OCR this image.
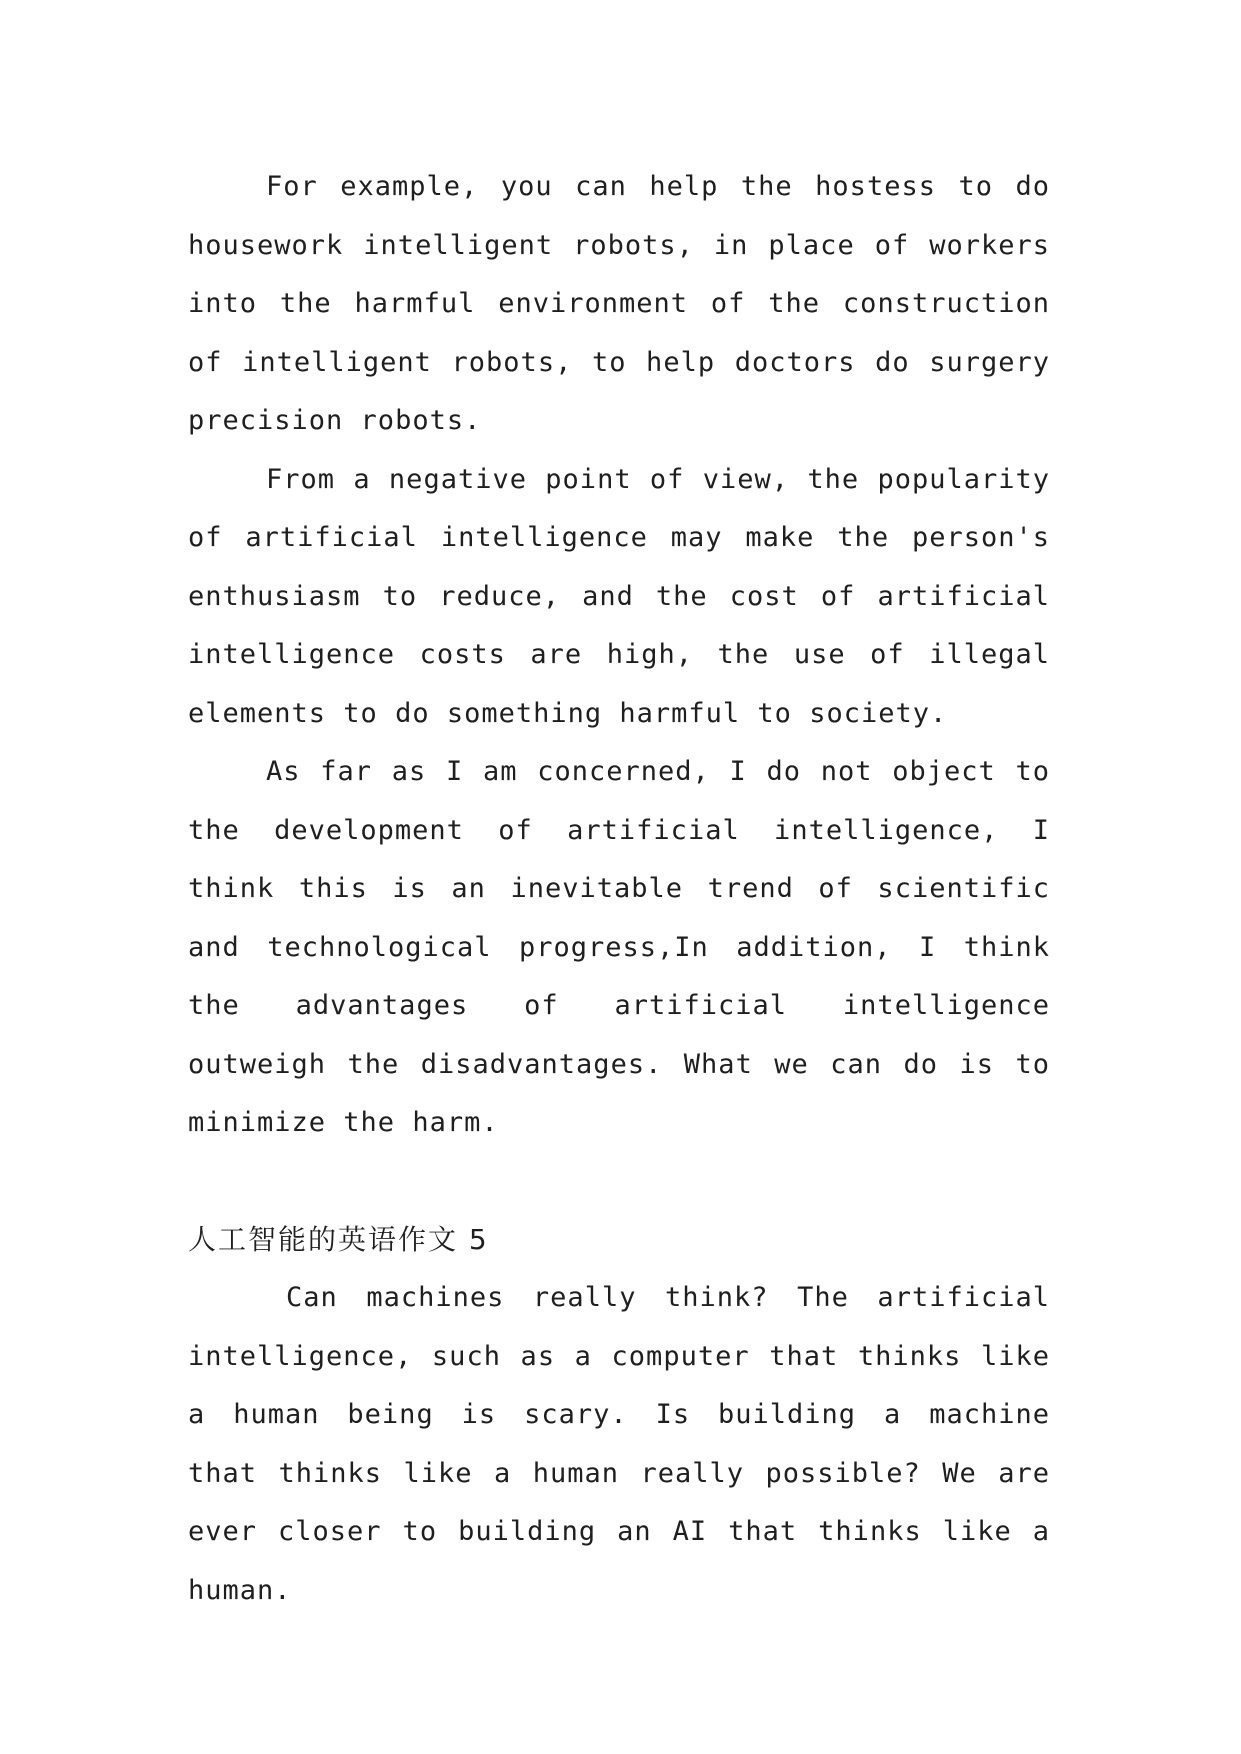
For example, you can help the hostess to do housework intelligent robots, in place of workers into the harmful environment of the construction of intelligent robots, to help doctors do surgery precision robots.

From a negative point of view, the popularity of artificial intelligence may make the person's enthusiasm to reduce, and the cost of artificial intelligence costs are high, the use of illegal elements to do something harmful to society.

As far as I am concerned, I do not object to the development of artificial intelligence, I think this is an inevitable trend of scientific and technological progress,In addition, I think the advantages of artificial intelligence outweigh the disadvantages. What we can do is to minimize the harm.

人工智能的英语作文 5

Can machines really think? The artificial intelligence, such as a computer that thinks like a human being is scary. Is building a machine that thinks like a human really possible? We are ever closer to building an AI that thinks like a human.
